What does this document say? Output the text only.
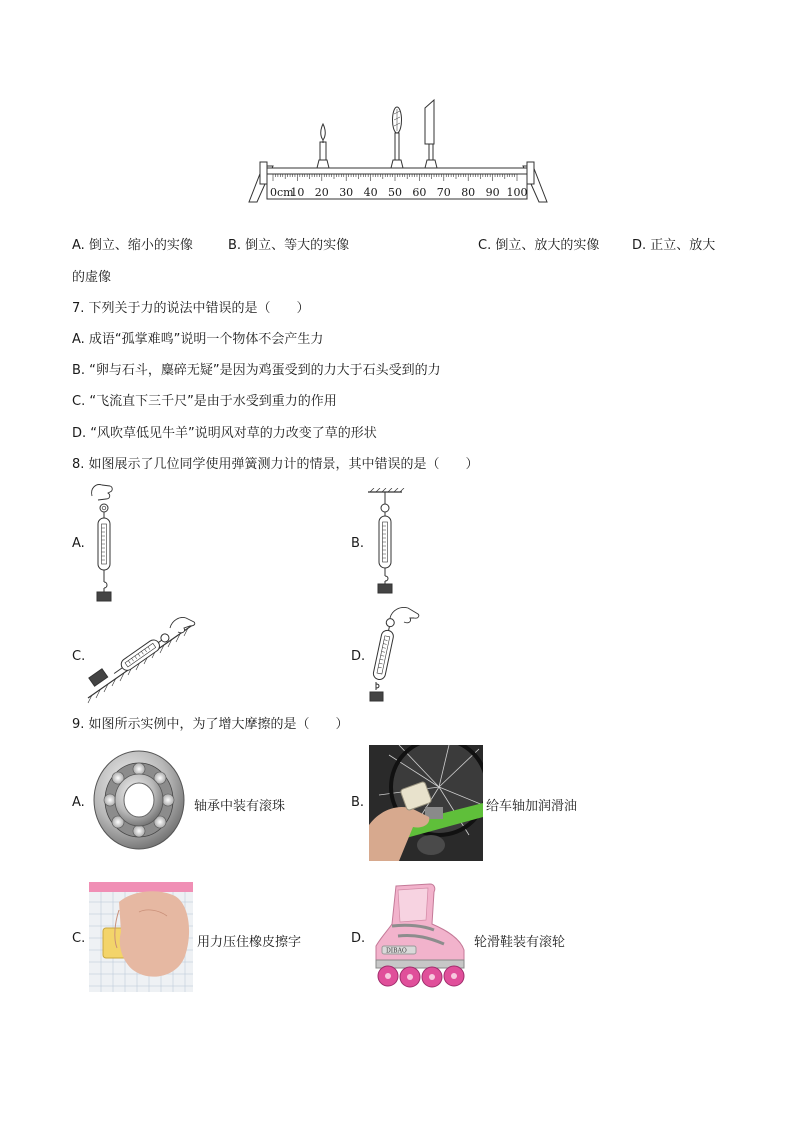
0cm
10 20 30 40 50 60 70 80 90 100
A. 倒立、缩小的实像	B. 倒立、等大的实像	C. 倒立、放大的实像	D. 正立、放大
的虚像
7. 下列关于力的说法中错误的是（　　）
A. 成语“孤掌难鸣”说明一个物体不会产生力
B. “卵与石斗，麋碎无疑”是因为鸡蛋受到的力大于石头受到的力
C. “飞流直下三千尺”是由于水受到重力的作用
D. “风吹草低见牛羊”说明风对草的力改变了草的形状
8. 如图展示了几位同学使用弹簧测力计的情景，其中错误的是（　　）
A.	B.
C.	D.
9. 如图所示实例中，为了增大摩擦的是（　　）
A.	轴承中装有滚珠	B.	给车轴加润滑油
C.	用力压住橡皮擦字	D.
DIBAO
轮滑鞋装有滚轮
